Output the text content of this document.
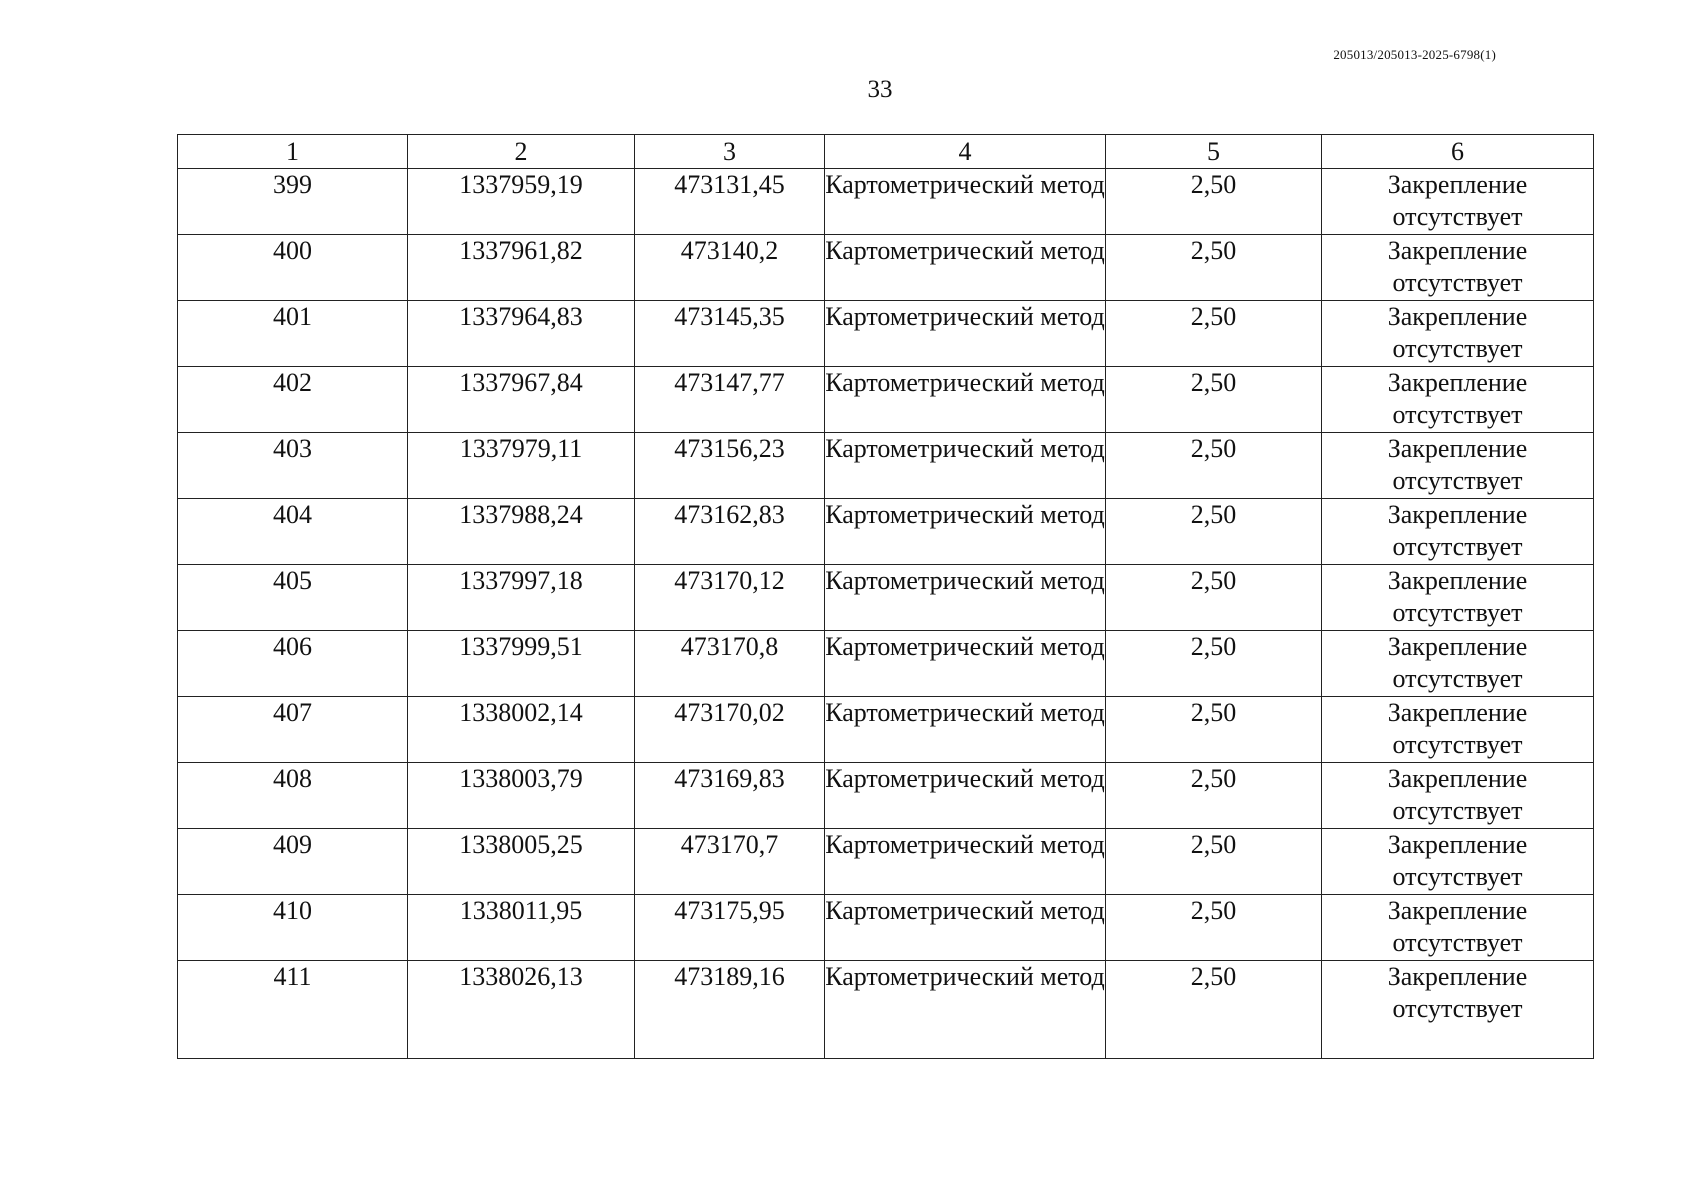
205013/205013-2025-6798(1)
33
1	2	3	4	5	6

399	1337959,19	473131,45	Картометрический метод	2,50	Закрепление отсутствует

400	1337961,82	473140,2	Картометрический метод	2,50	Закрепление отсутствует

401	1337964,83	473145,35	Картометрический метод	2,50	Закрепление отсутствует

402	1337967,84	473147,77	Картометрический метод	2,50	Закрепление отсутствует

403	1337979,11	473156,23	Картометрический метод	2,50	Закрепление отсутствует

404	1337988,24	473162,83	Картометрический метод	2,50	Закрепление отсутствует

405	1337997,18	473170,12	Картометрический метод	2,50	Закрепление отсутствует

406	1337999,51	473170,8	Картометрический метод	2,50	Закрепление отсутствует

407	1338002,14	473170,02	Картометрический метод	2,50	Закрепление отсутствует

408	1338003,79	473169,83	Картометрический метод	2,50	Закрепление отсутствует

409	1338005,25	473170,7	Картометрический метод	2,50	Закрепление отсутствует

410	1338011,95	473175,95	Картометрический метод	2,50	Закрепление отсутствует

411	1338026,13	473189,16	Картометрический метод	2,50	Закрепление отсутствует
